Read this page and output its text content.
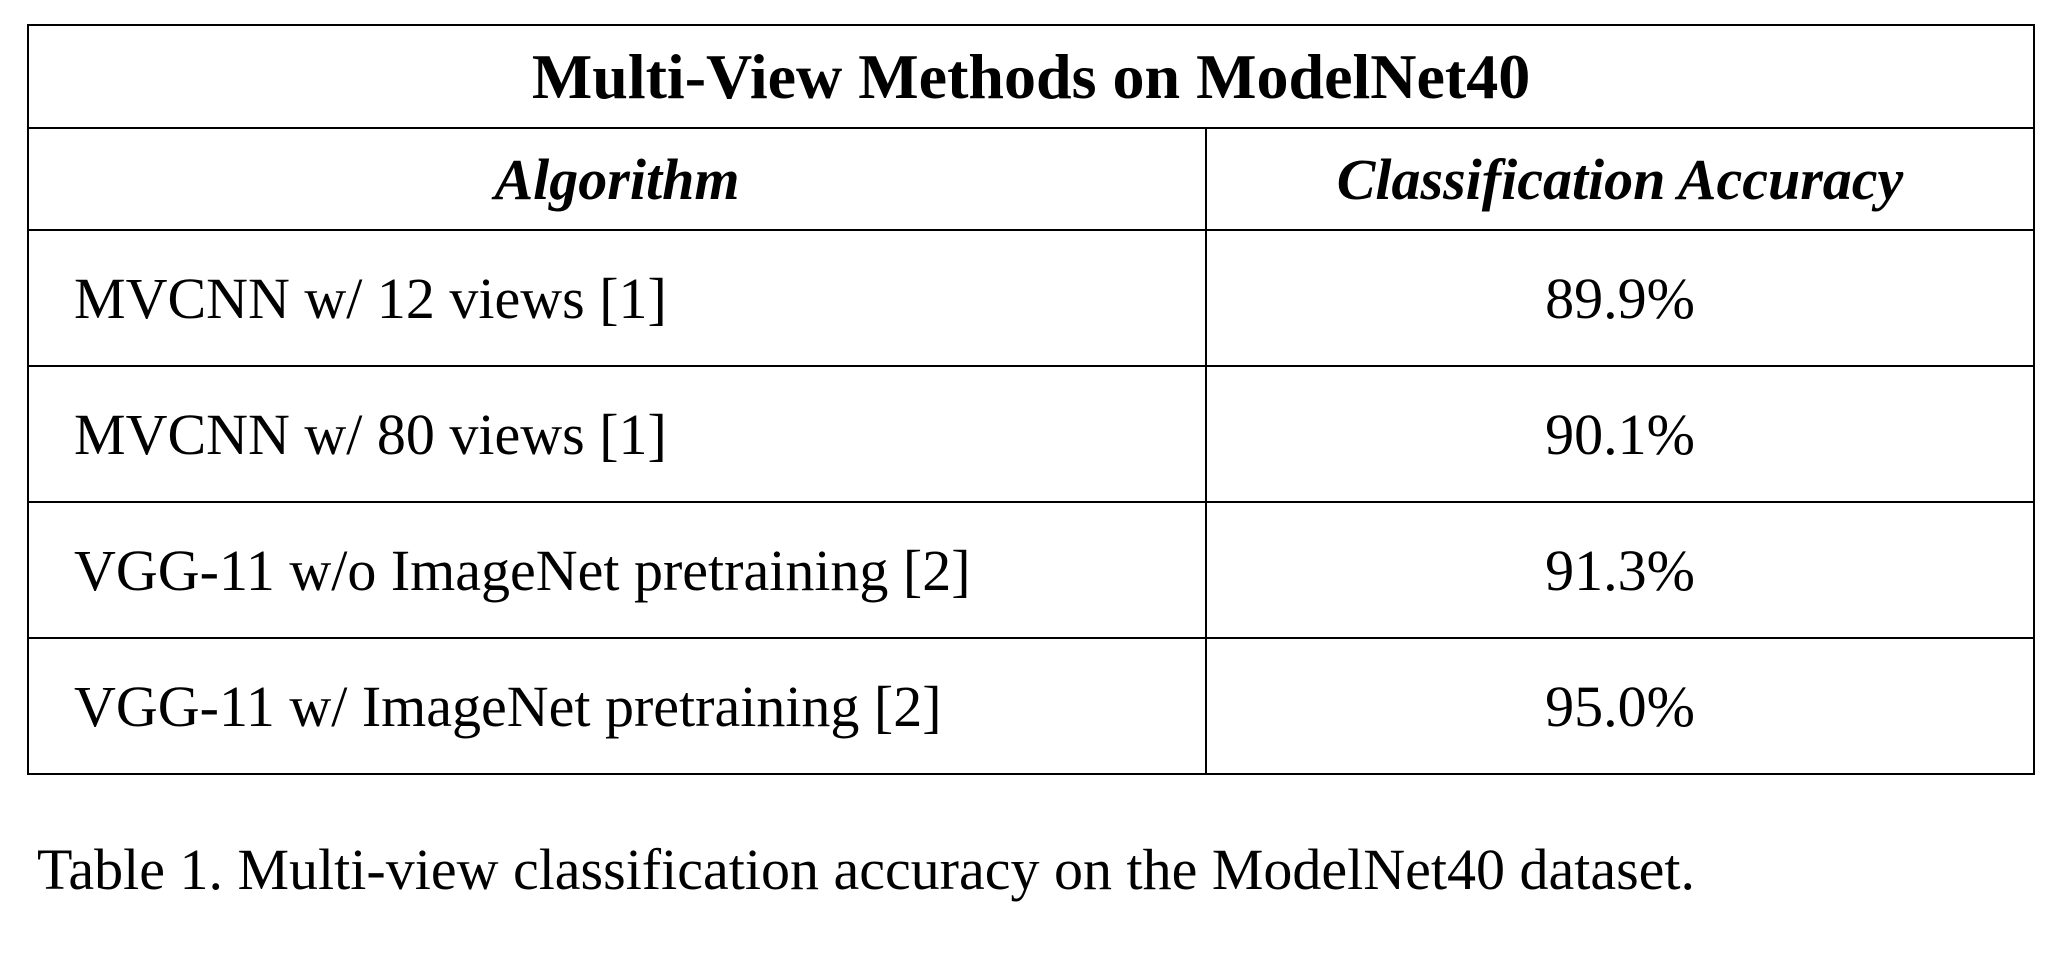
Multi-View Methods on ModelNet40	
Algorithm	Classification Accuracy
MVCNN w/ 12 views [1]	89.9%
MVCNN w/ 80 views [1]	90.1%
VGG-11 w/o ImageNet pretraining [2]	91.3%
VGG-11 w/ ImageNet pretraining [2]	95.0%
Table 1. Multi-view classification accuracy on the ModelNet40 dataset.
